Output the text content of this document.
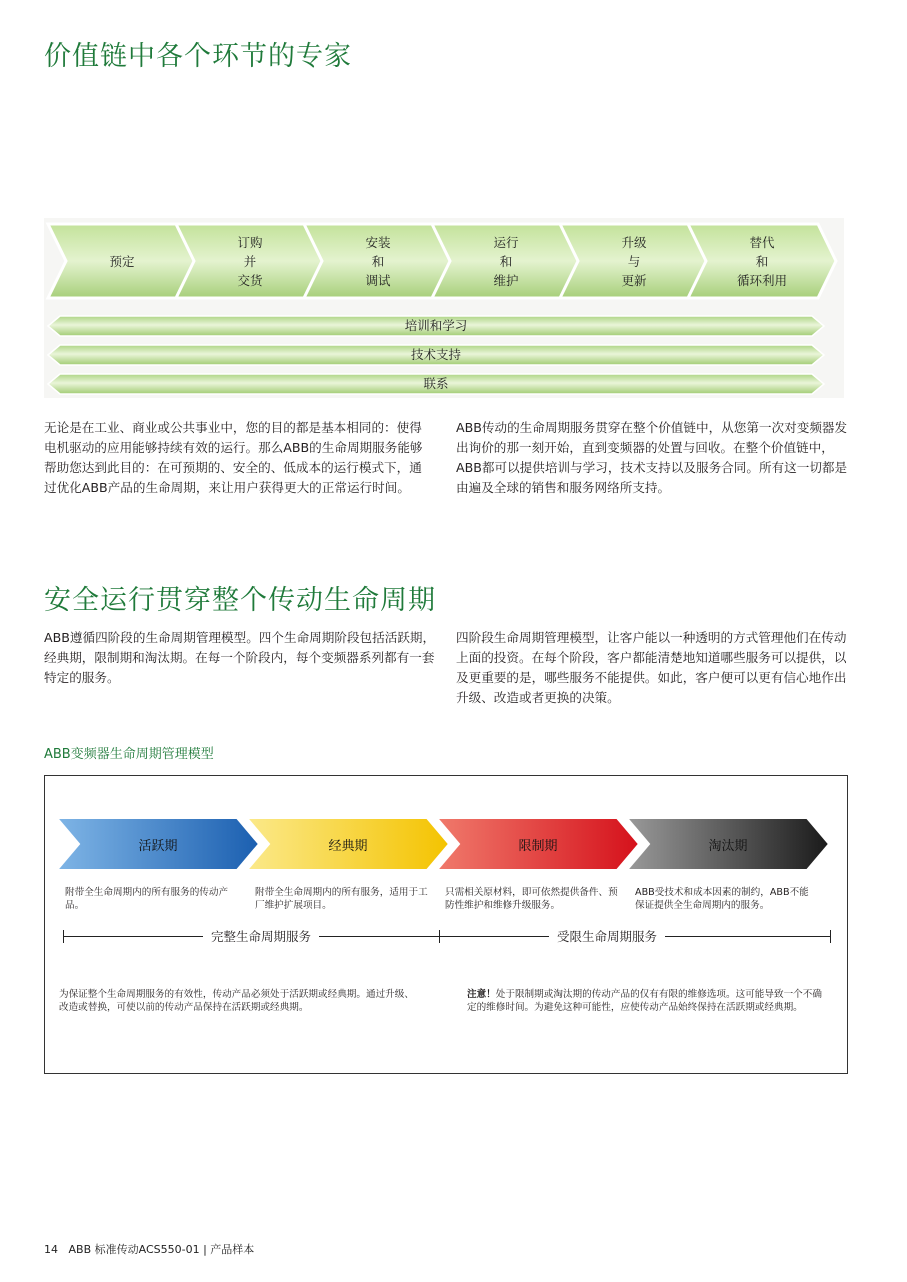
价值链中各个环节的专家
预定
订购
并
交货
安装
和
调试
运行
和
维护
升级
与
更新
替代
和
循环利用
培训和学习
技术支持
联系

无论是在工业、商业或公共事业中，您的目的都是基本相同的：使得电机驱动的应用能够持续有效的运行。那么ABB的生命周期服务能够帮助您达到此目的：在可预期的、安全的、低成本的运行模式下，通过优化ABB产品的生命周期，来让用户获得更大的正常运行时间。

ABB传动的生命周期服务贯穿在整个价值链中，从您第一次对变频器发出询价的那一刻开始，直到变频器的处置与回收。在整个价值链中，ABB都可以提供培训与学习，技术支持以及服务合同。所有这一切都是由遍及全球的销售和服务网络所支持。

安全运行贯穿整个传动生命周期

ABB遵循四阶段的生命周期管理模型。四个生命周期阶段包括活跃期，经典期，限制期和淘汰期。在每一个阶段内，每个变频器系列都有一套特定的服务。

四阶段生命周期管理模型，让客户能以一种透明的方式管理他们在传动上面的投资。在每个阶段，客户都能清楚地知道哪些服务可以提供，以及更重要的是，哪些服务不能提供。如此，客户便可以更有信心地作出升级、改造或者更换的决策。

ABB变频器生命周期管理模型
活跃期	经典期	限制期	淘汰期

附带全生命周期内的所有服务的传动产品。

附带全生命周期内的所有服务，适用于工厂维护扩展项目。

只需相关原材料，即可依然提供备件、预防性维护和维修升级服务。

ABB受技术和成本因素的制约，ABB不能保证提供全生命周期内的服务。

完整生命周期服务	受限生命周期服务

为保证整个生命周期服务的有效性，传动产品必须处于活跃期或经典期。通过升级、改造或替换，可使以前的传动产品保持在活跃期或经典期。

注意！处于限制期或淘汰期的传动产品的仅有有限的维修选项。这可能导致一个不确定的维修时间。为避免这种可能性，应使传动产品始终保持在活跃期或经典期。

14 ABB 标准传动ACS550-01 | 产品样本
